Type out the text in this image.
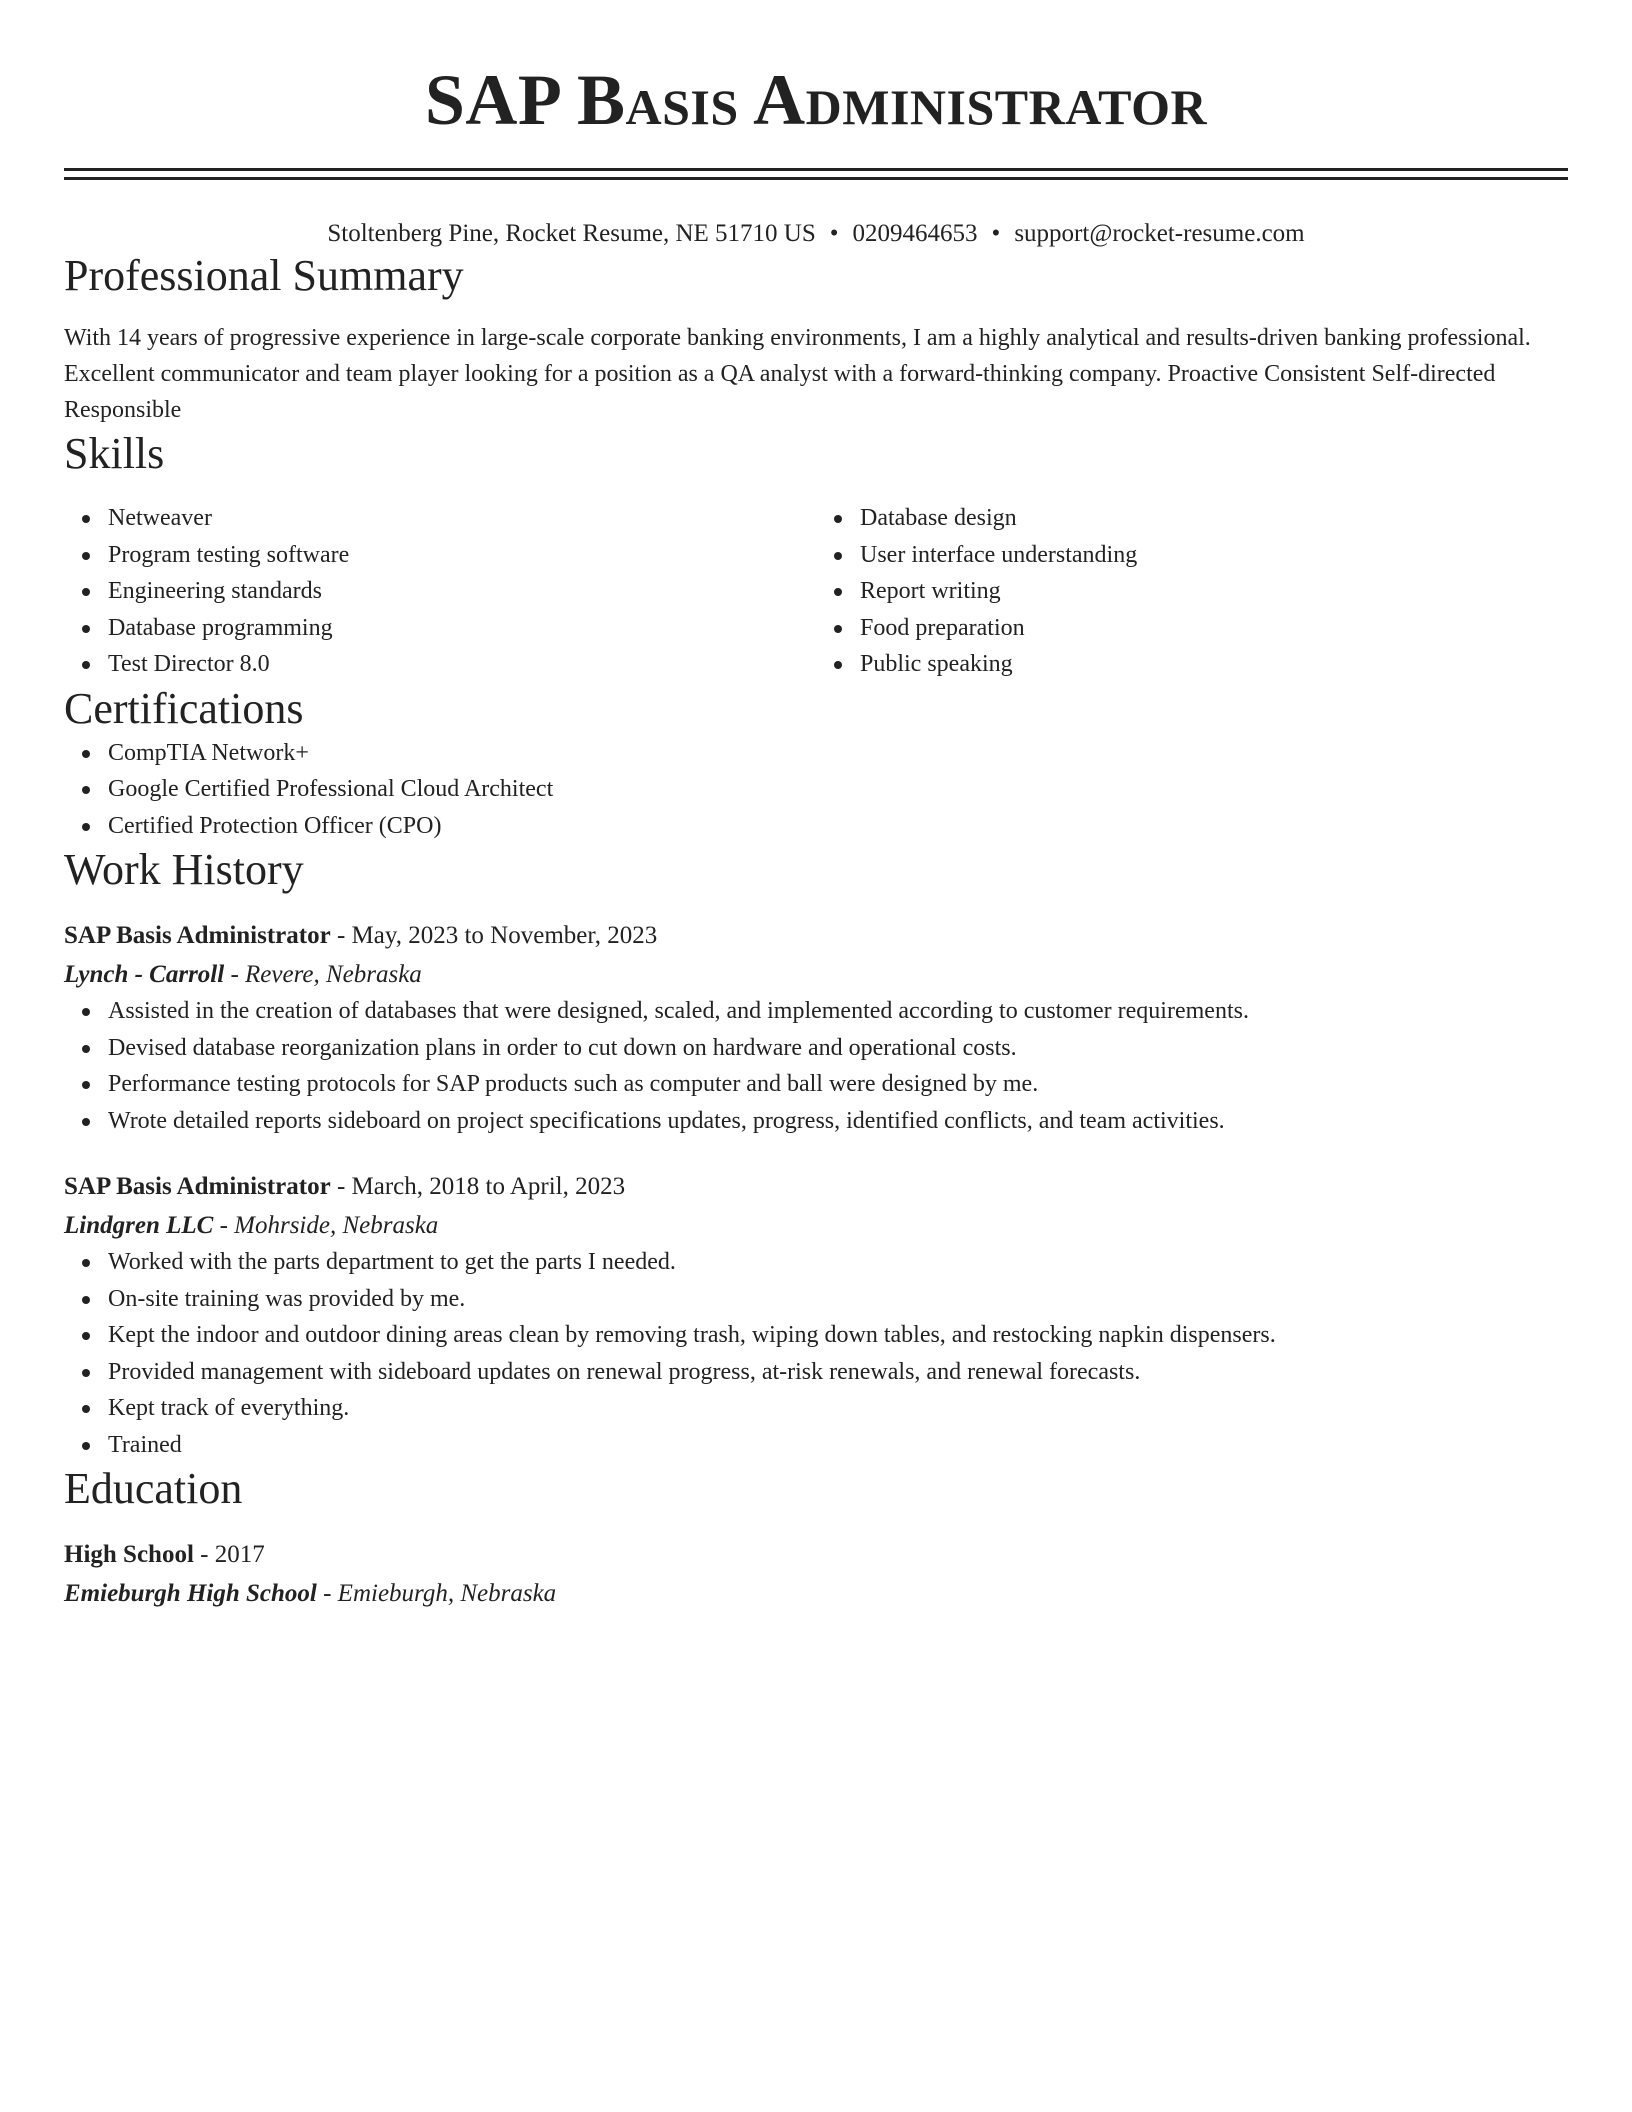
SAP Basis Administrator
Stoltenberg Pine, Rocket Resume, NE 51710 US • 0209464653 • support@rocket-resume.com
Professional Summary
With 14 years of progressive experience in large-scale corporate banking environments, I am a highly analytical and results-driven banking professional. Excellent communicator and team player looking for a position as a QA analyst with a forward-thinking company. Proactive Consistent Self-directed Responsible
Skills
Netweaver
Program testing software
Engineering standards
Database programming
Test Director 8.0
Database design
User interface understanding
Report writing
Food preparation
Public speaking
Certifications
CompTIA Network+
Google Certified Professional Cloud Architect
Certified Protection Officer (CPO)
Work History
SAP Basis Administrator - May, 2023 to November, 2023
Lynch - Carroll - Revere, Nebraska
Assisted in the creation of databases that were designed, scaled, and implemented according to customer requirements.
Devised database reorganization plans in order to cut down on hardware and operational costs.
Performance testing protocols for SAP products such as computer and ball were designed by me.
Wrote detailed reports sideboard on project specifications updates, progress, identified conflicts, and team activities.
SAP Basis Administrator - March, 2018 to April, 2023
Lindgren LLC - Mohrside, Nebraska
Worked with the parts department to get the parts I needed.
On-site training was provided by me.
Kept the indoor and outdoor dining areas clean by removing trash, wiping down tables, and restocking napkin dispensers.
Provided management with sideboard updates on renewal progress, at-risk renewals, and renewal forecasts.
Kept track of everything.
Trained
Education
High School - 2017
Emieburgh High School - Emieburgh, Nebraska
